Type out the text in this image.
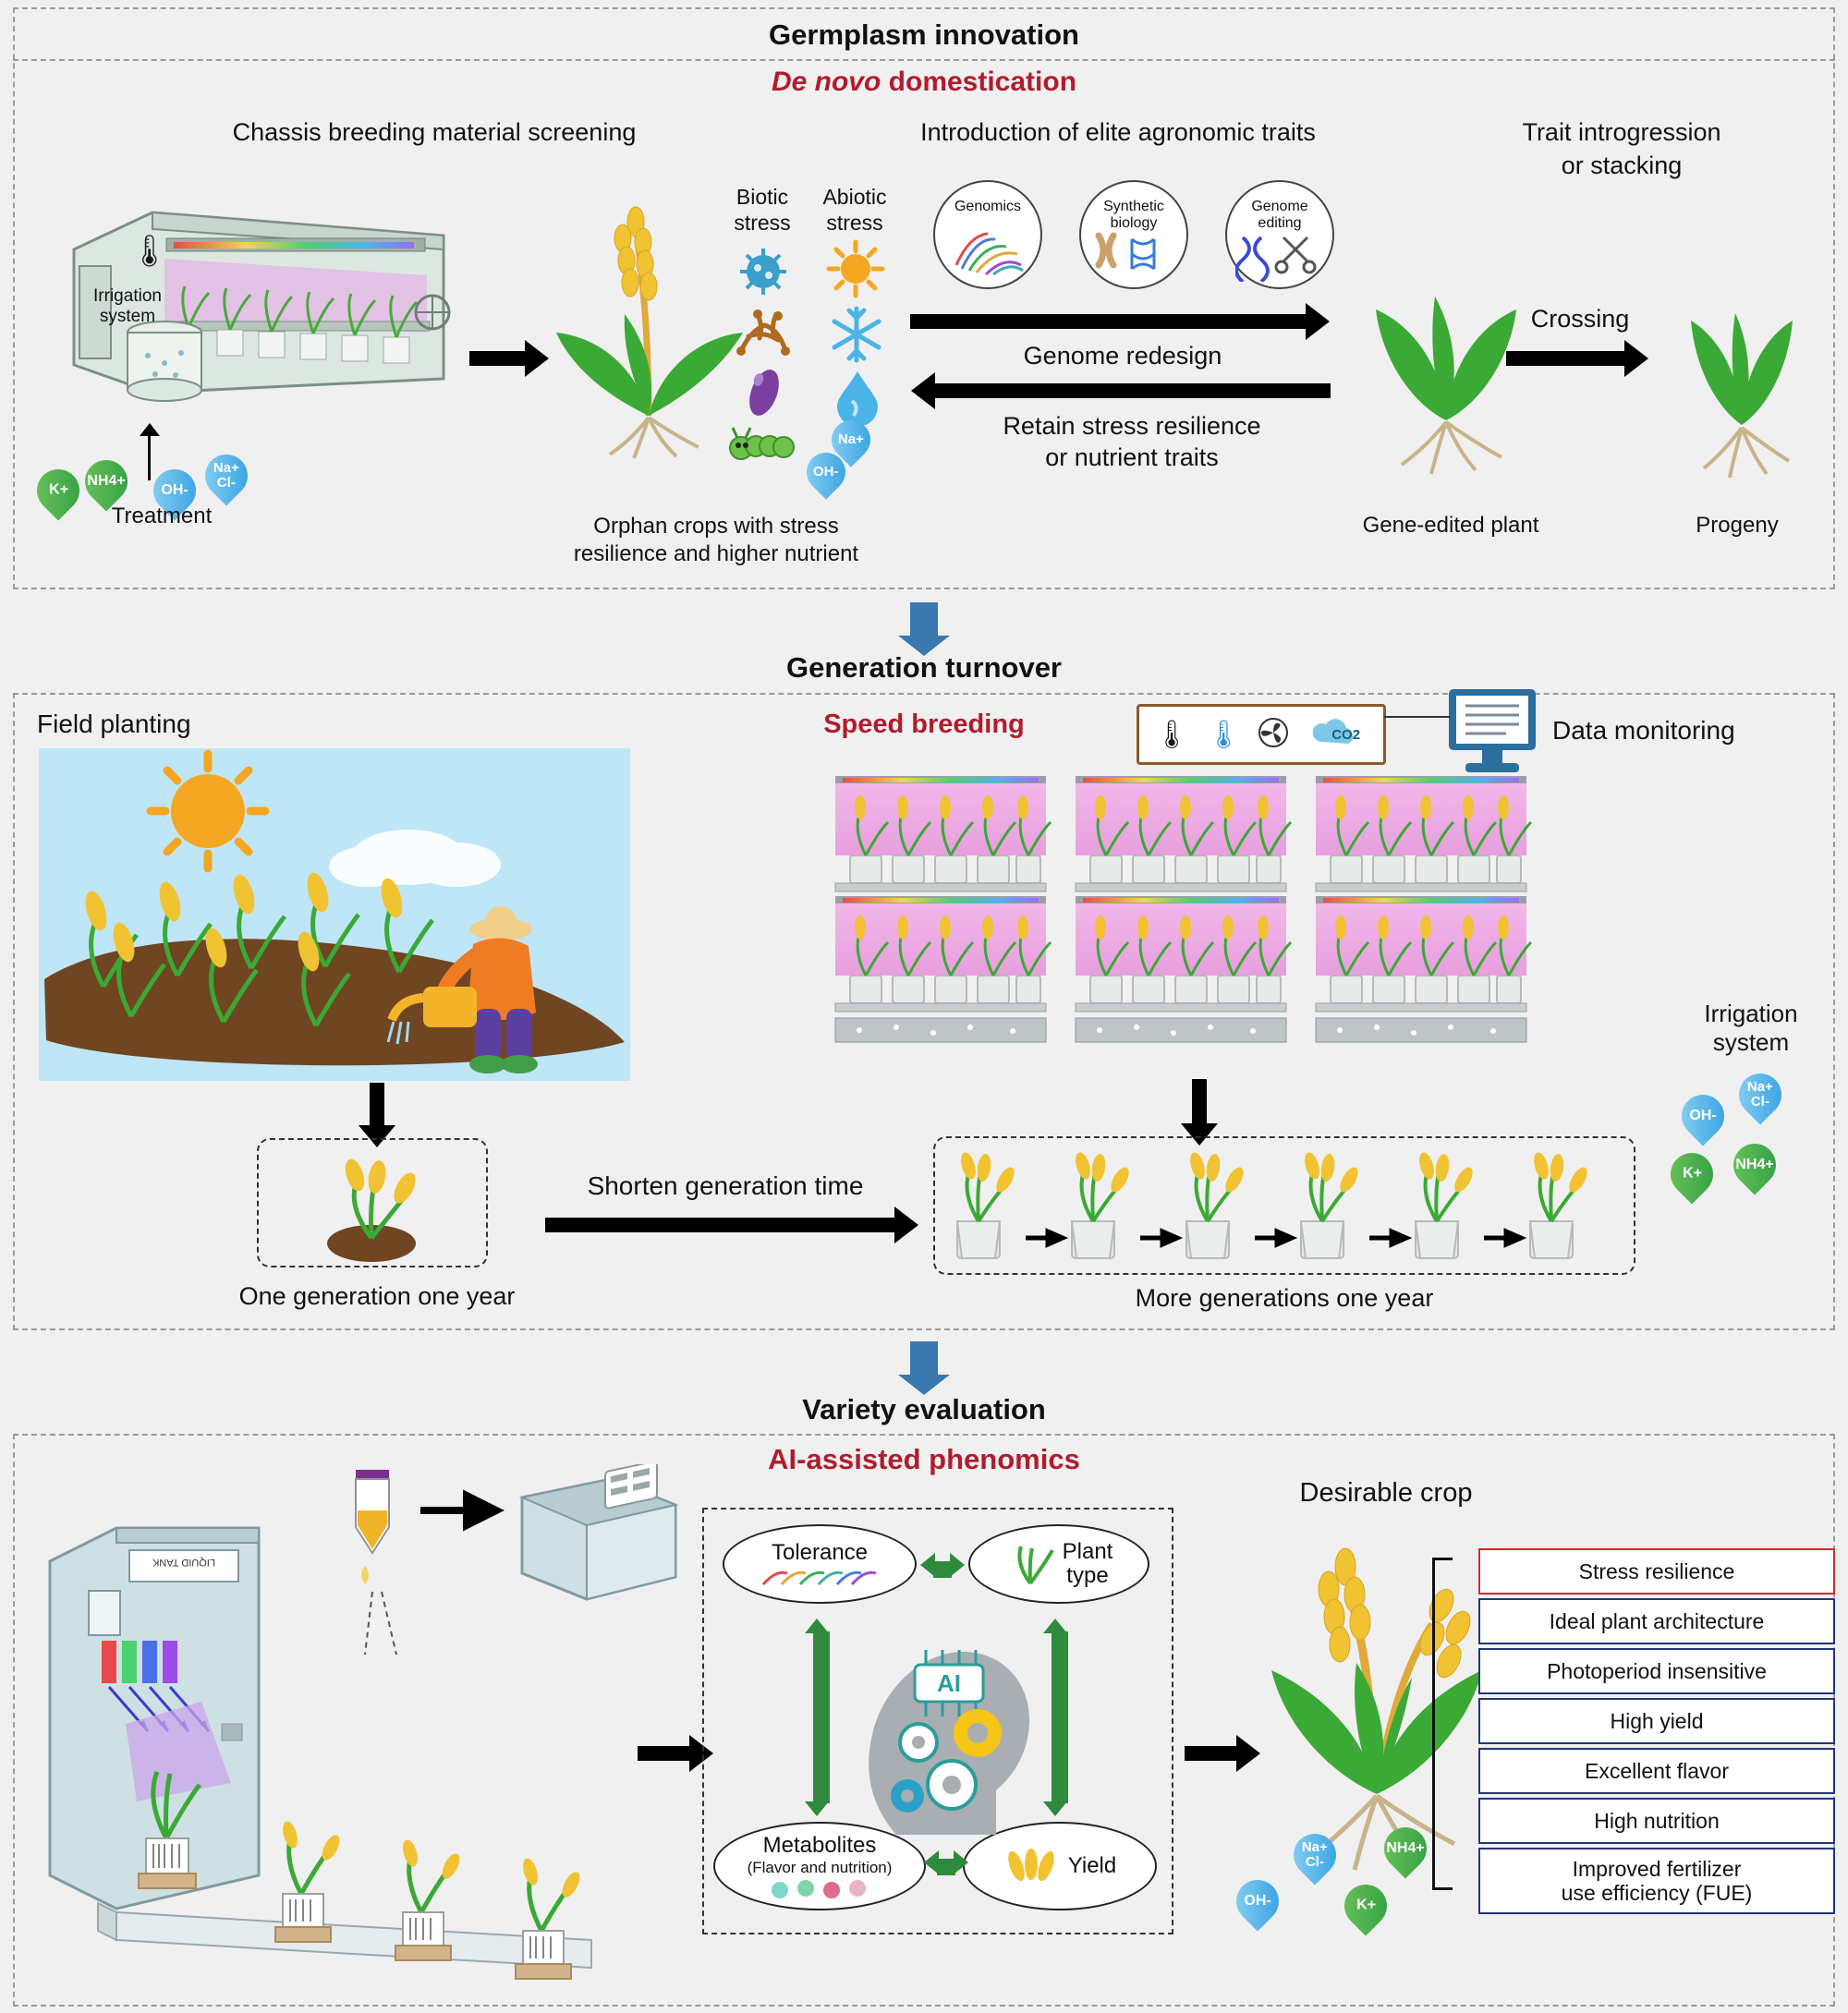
Germplasm innovation
De novo domestication
Chassis breeding material screening	Introduction of elite agronomic traits	Trait introgression
or stacking
🌡
Irrigation
system
K+
NH4+
OH-
Na+ Cl-
Treatment	Orphan crops with stress
resilience and higher nutrient
Biotic
stress
Abiotic
stress
Na+
OH-
Genomics	Synthetic
biology
Genome
editing
Genome redesign
Retain stress resilience
or nutrient traits
Gene-edited plant
Crossing
Progeny
Generation turnover
Field planting	Speed breeding	🌡 🌡	CO2	Data monitoring
One generation one year
Shorten generation time
Irrigation
system
OH-
Na+ Cl-
K+
NH4+
More generations one year
Variety evaluation
AI-assisted phenomics
LIQUID TANK	Tolerance	Plant
type
Metabolites
(Flavor and nutrition)	Yield
AI
Desirable crop
Na+ Cl-
NH4+
OH-	K+
Stress resilience
Ideal plant architecture
Photoperiod insensitive
High yield
Excellent flavor
High nutrition
Improved fertilizer
use efficiency (FUE)
